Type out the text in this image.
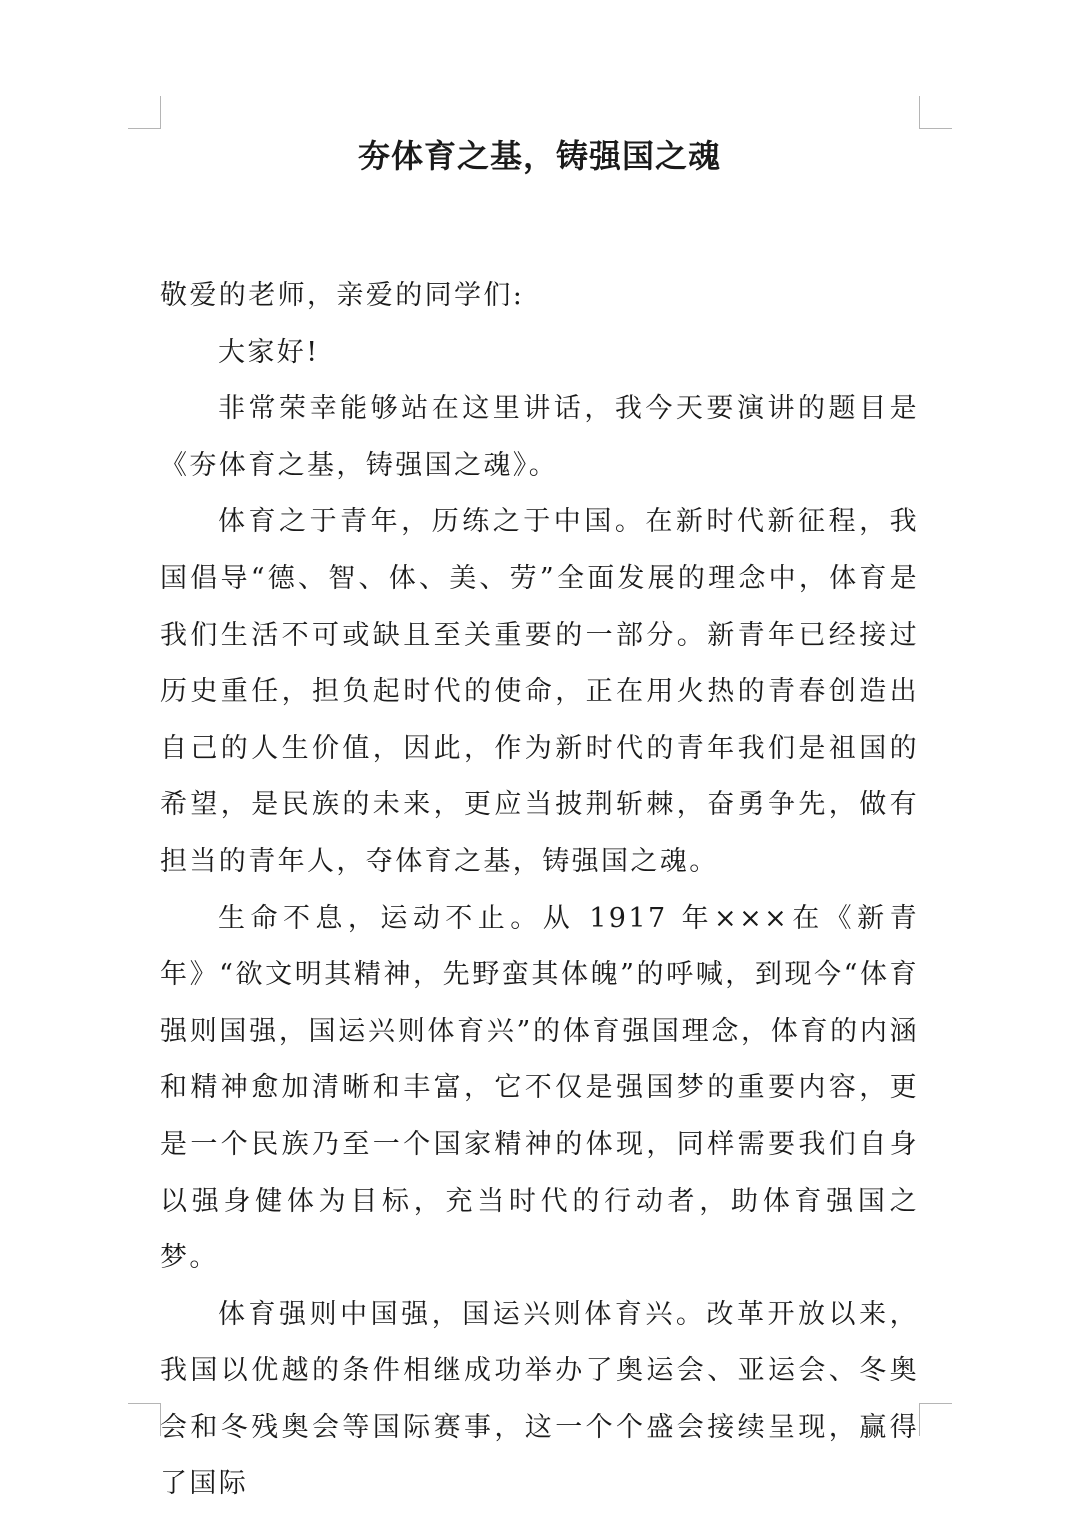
夯体育之基，铸强国之魂

敬爱的老师，亲爱的同学们:

大家好!

非常荣幸能够站在这里讲话，我今天要演讲的题目是《夯体育之基，铸强国之魂》。

体育之于青年，历练之于中国。在新时代新征程，我国倡导“德、智、体、美、劳”全面发展的理念中，体育是我们生活不可或缺且至关重要的一部分。新青年已经接过历史重任，担负起时代的使命，正在用火热的青春创造出自己的人生价值，因此，作为新时代的青年我们是祖国的希望，是民族的未来，更应当披荆斩棘，奋勇争先，做有担当的青年人，夺体育之基，铸强国之魂。

生命不息，运动不止。从 1917 年×××在《新青年》“欲文明其精神，先野蛮其体魄”的呼喊，到现今“体育强则国强，国运兴则体育兴”的体育强国理念，体育的内涵和精神愈加清晰和丰富，它不仅是强国梦的重要内容，更是一个民族乃至一个国家精神的体现，同样需要我们自身以强身健体为目标，充当时代的行动者，助体育强国之梦。

体育强则中国强，国运兴则体育兴。改革开放以来，我国以优越的条件相继成功举办了奥运会、亚运会、冬奥会和冬残奥会等国际赛事，这一个个盛会接续呈现，赢得了国际
